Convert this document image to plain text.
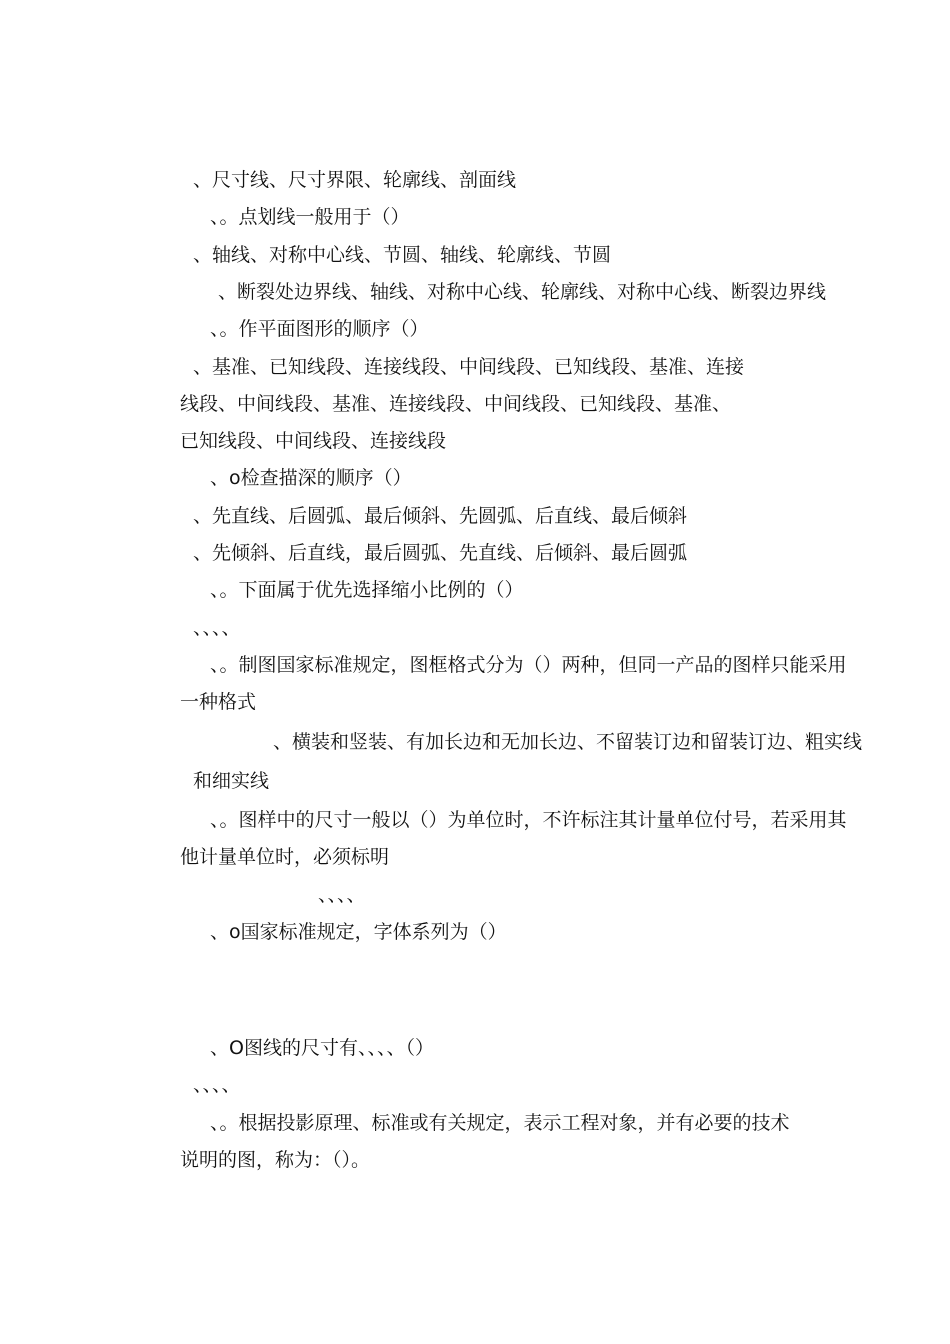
、尺寸线、尺寸界限、轮廓线、剖面线
、。点划线一般用于（）
、轴线、对称中心线、节圆、轴线、轮廓线、节圆
、断裂处边界线、轴线、对称中心线、轮廓线、对称中心线、断裂边界线
、。作平面图形的顺序（）
、基准、已知线段、连接线段、中间线段、已知线段、基准、连接
线段、中间线段、基准、连接线段、中间线段、已知线段、基准、
已知线段、中间线段、连接线段
、o检查描深的顺序（）
、先直线、后圆弧、最后倾斜、先圆弧、后直线、最后倾斜
、先倾斜、后直线，最后圆弧、先直线、后倾斜、最后圆弧
、。下面属于优先选择缩小比例的（）
、、、、
、。制图国家标准规定，图框格式分为（）两种，但同一产品的图样只能采用
一种格式
、横装和竖装、有加长边和无加长边、不留装订边和留装订边、粗实线
和细实线
、。图样中的尺寸一般以（）为单位时，不许标注其计量单位付号，若采用其
他计量单位时，必须标明
、、、、
、o国家标准规定，字体系列为（）
、O图线的尺寸有、、、、（）
、、、、
、。根据投影原理、标准或有关规定，表示工程对象，并有必要的技术
说明的图，称为：（）。
